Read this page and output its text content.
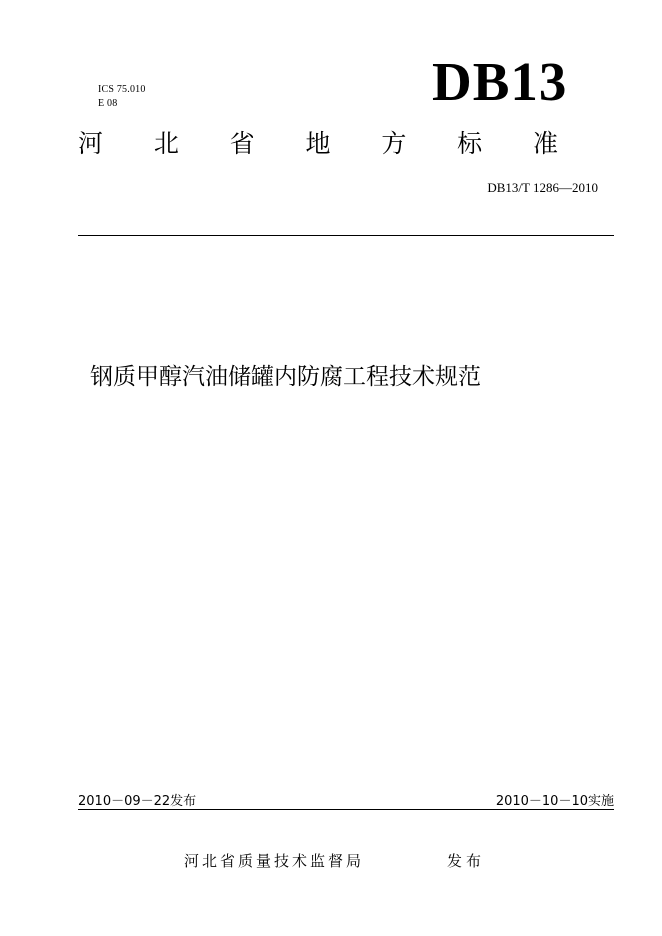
ICS 75.010
E 08	DB13
河 北 省 地 方 标 准
DB13/T 1286—2010
钢质甲醇汽油储罐内防腐工程技术规范
2010－09－22发布	2010－10－10实施
河北省质量技术监督局	发布
